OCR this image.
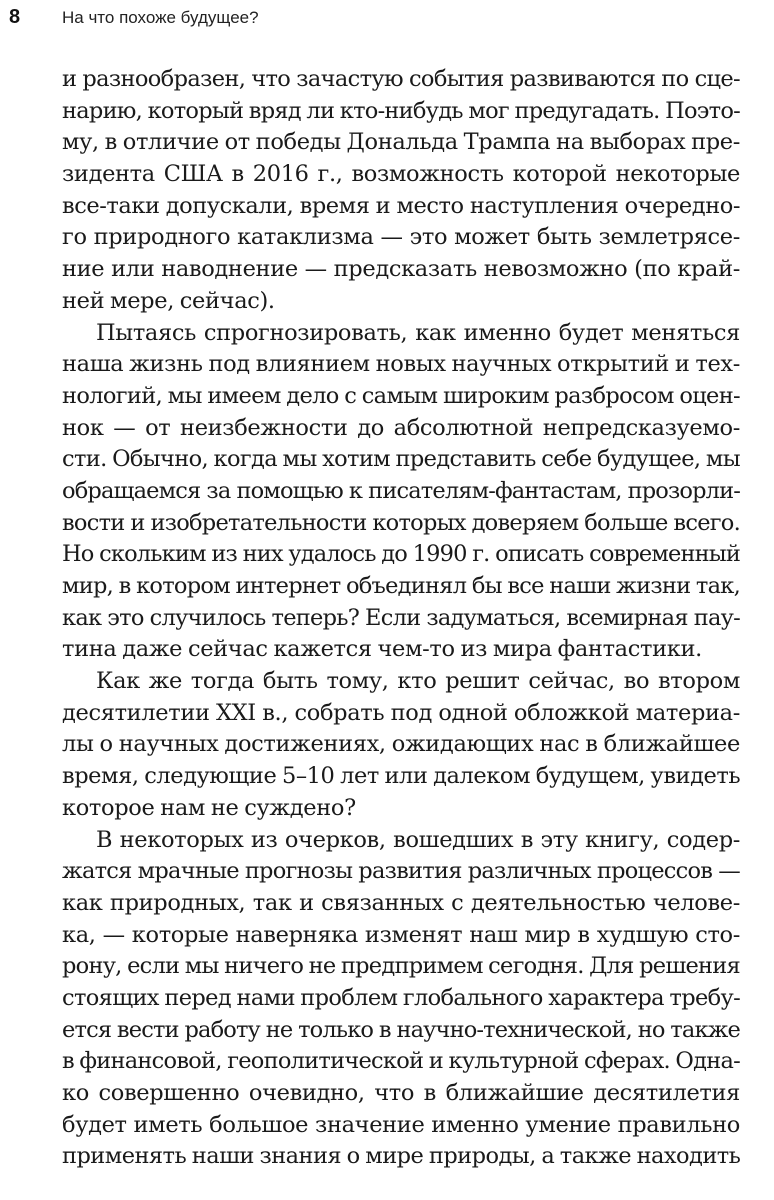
8 На что похоже будущее?
и разнообразен, что зачастую события развиваются по сце-
нарию, который вряд ли кто-нибудь мог предугадать. Поэто-
му, в отличие от победы Дональда Трампа на выборах пре-
зидента США в 2016 г., возможность которой некоторые
все-таки допускали, время и место наступления очередно-
го природного катаклизма — это может быть землетрясе-
ние или наводнение — предсказать невозможно (по край-
ней мере, сейчас).
Пытаясь спрогнозировать, как именно будет меняться
наша жизнь под влиянием новых научных открытий и тех-
нологий, мы имеем дело с самым широким разбросом оцен-
нок — от неизбежности до абсолютной непредсказуемо-
сти. Обычно, когда мы хотим представить себе будущее, мы
обращаемся за помощью к писателям-фантастам, прозорли-
вости и изобретательности которых доверяем больше всего.
Но скольким из них удалось до 1990 г. описать современный
мир, в котором интернет объединял бы все наши жизни так,
как это случилось теперь? Если задуматься, всемирная пау-
тина даже сейчас кажется чем-то из мира фантастики.
Как же тогда быть тому, кто решит сейчас, во втором
десятилетии XXI в., собрать под одной обложкой материа-
лы о научных достижениях, ожидающих нас в ближайшее
время, следующие 5–10 лет или далеком будущем, увидеть
которое нам не суждено?
В некоторых из очерков, вошедших в эту книгу, содер-
жатся мрачные прогнозы развития различных процессов —
как природных, так и связанных с деятельностью челове-
ка, — которые наверняка изменят наш мир в худшую сто-
рону, если мы ничего не предпримем сегодня. Для решения
стоящих перед нами проблем глобального характера требу-
ется вести работу не только в научно-технической, но также
в финансовой, геополитической и культурной сферах. Одна-
ко совершенно очевидно, что в ближайшие десятилетия
будет иметь большое значение именно умение правильно
применять наши знания о мире природы, а также находить
